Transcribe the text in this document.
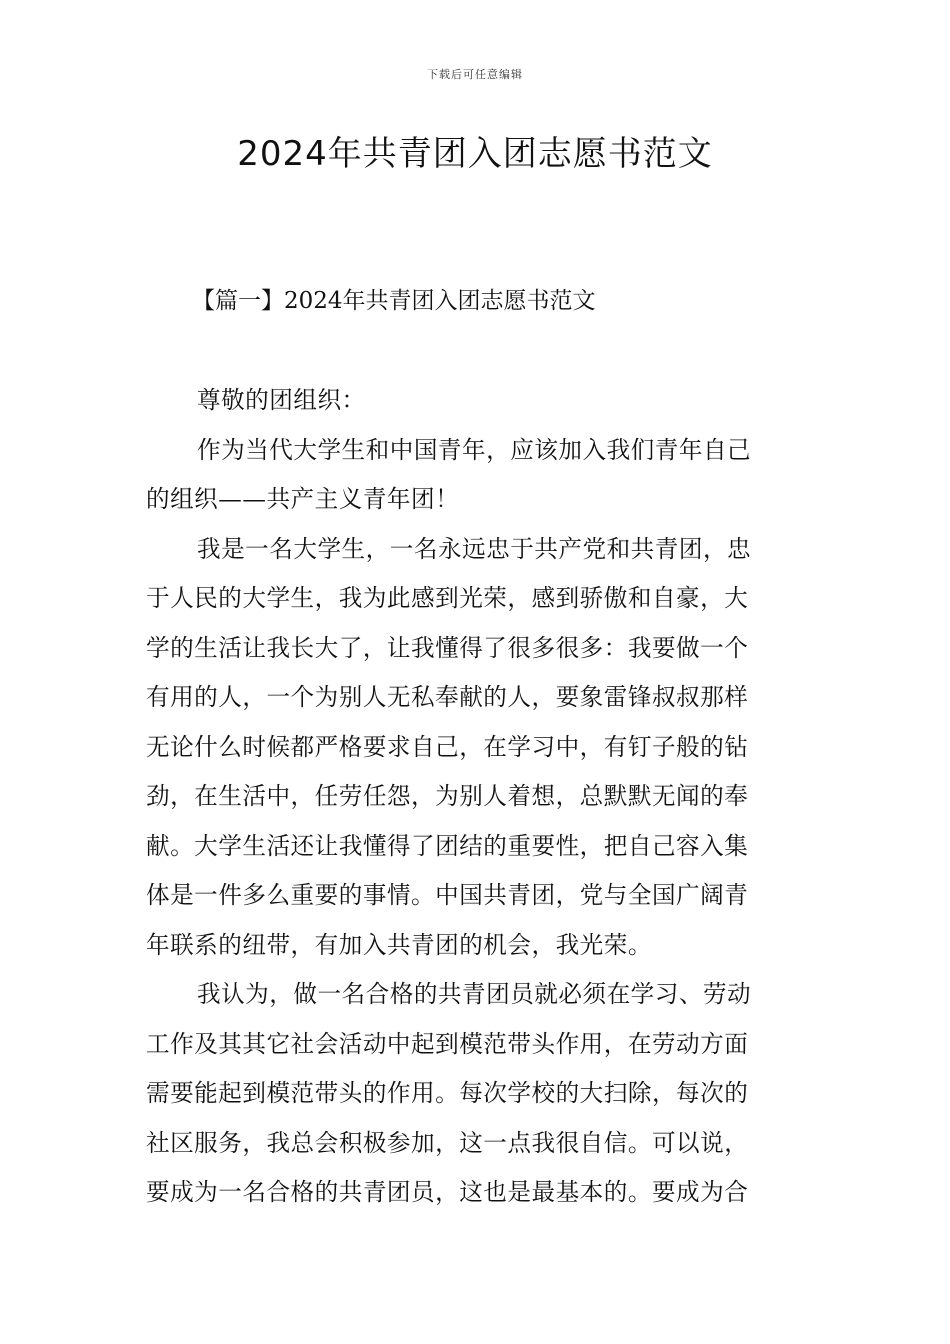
下载后可任意编辑
2024年共青团入团志愿书范文
【篇一】2024年共青团入团志愿书范文
尊敬的团组织：
作为当代大学生和中国青年，应该加入我们青年自己
的组织——共产主义青年团！
我是一名大学生，一名永远忠于共产党和共青团，忠
于人民的大学生，我为此感到光荣，感到骄傲和自豪，大
学的生活让我长大了，让我懂得了很多很多：我要做一个
有用的人，一个为别人无私奉献的人，要象雷锋叔叔那样
无论什么时候都严格要求自己，在学习中，有钉子般的钻
劲，在生活中，任劳任怨，为别人着想，总默默无闻的奉
献。大学生活还让我懂得了团结的重要性，把自己容入集
体是一件多么重要的事情。中国共青团，党与全国广阔青
年联系的纽带，有加入共青团的机会，我光荣。
我认为，做一名合格的共青团员就必须在学习、劳动
工作及其其它社会活动中起到模范带头作用，在劳动方面
需要能起到模范带头的作用。每次学校的大扫除，每次的
社区服务，我总会积极参加，这一点我很自信。可以说，
要成为一名合格的共青团员，这也是最基本的。要成为合
